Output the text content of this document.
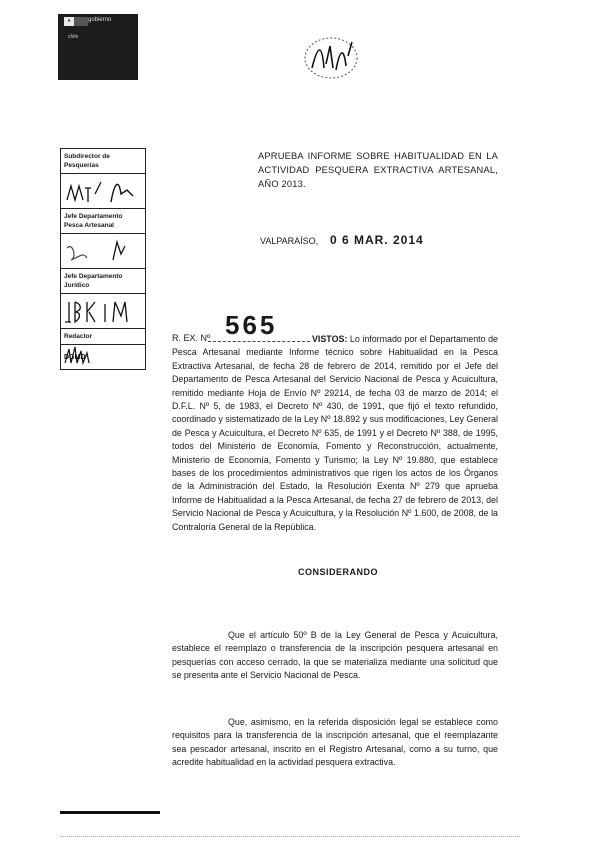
gobierno
chile
APRUEBA INFORME SOBRE HABITUALIDAD EN LA ACTIVIDAD PESQUERA EXTRACTIVA ARTESANAL, AÑO 2013.
VALPARAÍSO, 0 6 MAR. 2014
Subdirector de Pesquerías
Jefe Departamento Pesca Artesanal
Jefe Departamento Jurídico
Redactor
DGMD
R. EX. Nº 565	VISTOS: Lo informado por el Departamento de Pesca Artesanal mediante Informe técnico sobre Habitualidad en la Pesca Extractiva Artesanal, de fecha 28 de febrero de 2014, remitido por el Jefe del Departamento de Pesca Artesanal del Servicio Nacional de Pesca y Acuicultura, remitido mediante Hoja de Envío Nº 29214, de fecha 03 de marzo de 2014; el D.F.L. Nº 5, de 1983, el Decreto Nº 430, de 1991, que fijó el texto refundido, coordinado y sistematizado de la Ley Nº 18.892 y sus modificaciones, Ley General de Pesca y Acuicultura, el Decreto Nº 635, de 1991 y el Decreto Nº 388, de 1995, todos del Ministerio de Economía, Fomento y Reconstrucción, actualmente, Ministerio de Economía, Fomento y Turismo; la Ley Nº 19.880, que establece bases de los procedimientos administrativos que rigen los actos de los Órganos de la Administración del Estado, la Resolución Exenta Nº 279 que aprueba Informe de Habitualidad a la Pesca Artesanal, de fecha 27 de febrero de 2013, del Servicio Nacional de Pesca y Acuicultura, y la Resolución Nº 1.600, de 2008, de la Contraloría General de la República.
CONSIDERANDO
Que el artículo 50º B de la Ley General de Pesca y Acuicultura, establece el reemplazo o transferencia de la inscripción pesquera artesanal en pesquerías con acceso cerrado, la que se materializa mediante una solicitud que se presenta ante el Servicio Nacional de Pesca.
Que, asimismo, en la referida disposición legal se establece como requisitos para la transferencia de la inscripción artesanal, que el reemplazante sea pescador artesanal, inscrito en el Registro Artesanal, como a su turno, que acredite habitualidad en la actividad pesquera extractiva.
